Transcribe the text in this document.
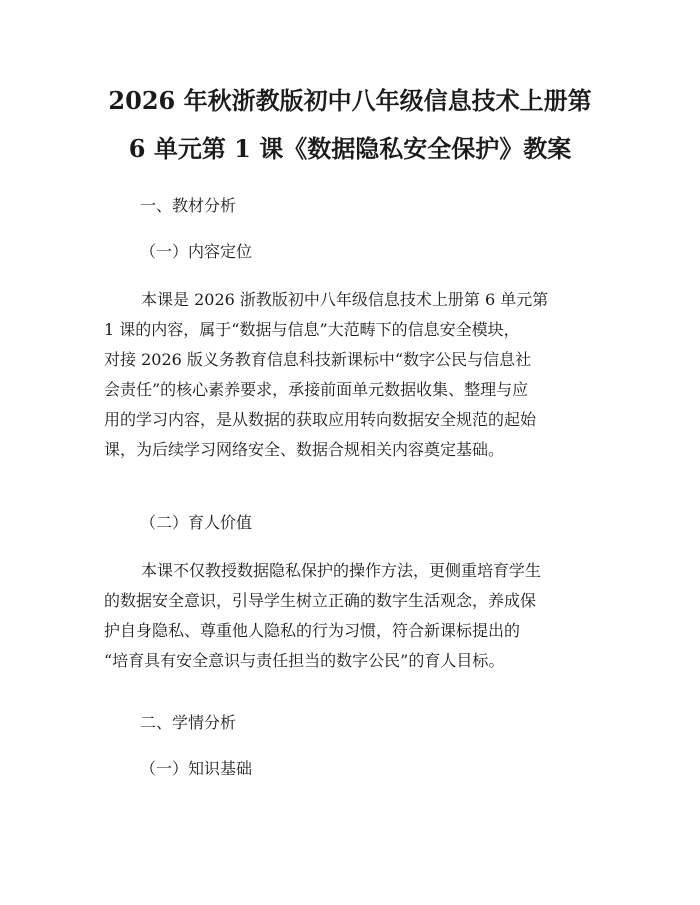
2026 年秋浙教版初中八年级信息技术上册第
6 单元第 1 课《数据隐私安全保护》教案
一、教材分析
（一）内容定位
本课是 2026 浙教版初中八年级信息技术上册第 6 单元第
1 课的内容，属于“数据与信息”大范畴下的信息安全模块，
对接 2026 版义务教育信息科技新课标中“数字公民与信息社
会责任”的核心素养要求，承接前面单元数据收集、整理与应
用的学习内容，是从数据的获取应用转向数据安全规范的起始
课，为后续学习网络安全、数据合规相关内容奠定基础。
（二）育人价值
本课不仅教授数据隐私保护的操作方法，更侧重培育学生
的数据安全意识，引导学生树立正确的数字生活观念，养成保
护自身隐私、尊重他人隐私的行为习惯，符合新课标提出的
“培育具有安全意识与责任担当的数字公民”的育人目标。
二、学情分析
（一）知识基础
